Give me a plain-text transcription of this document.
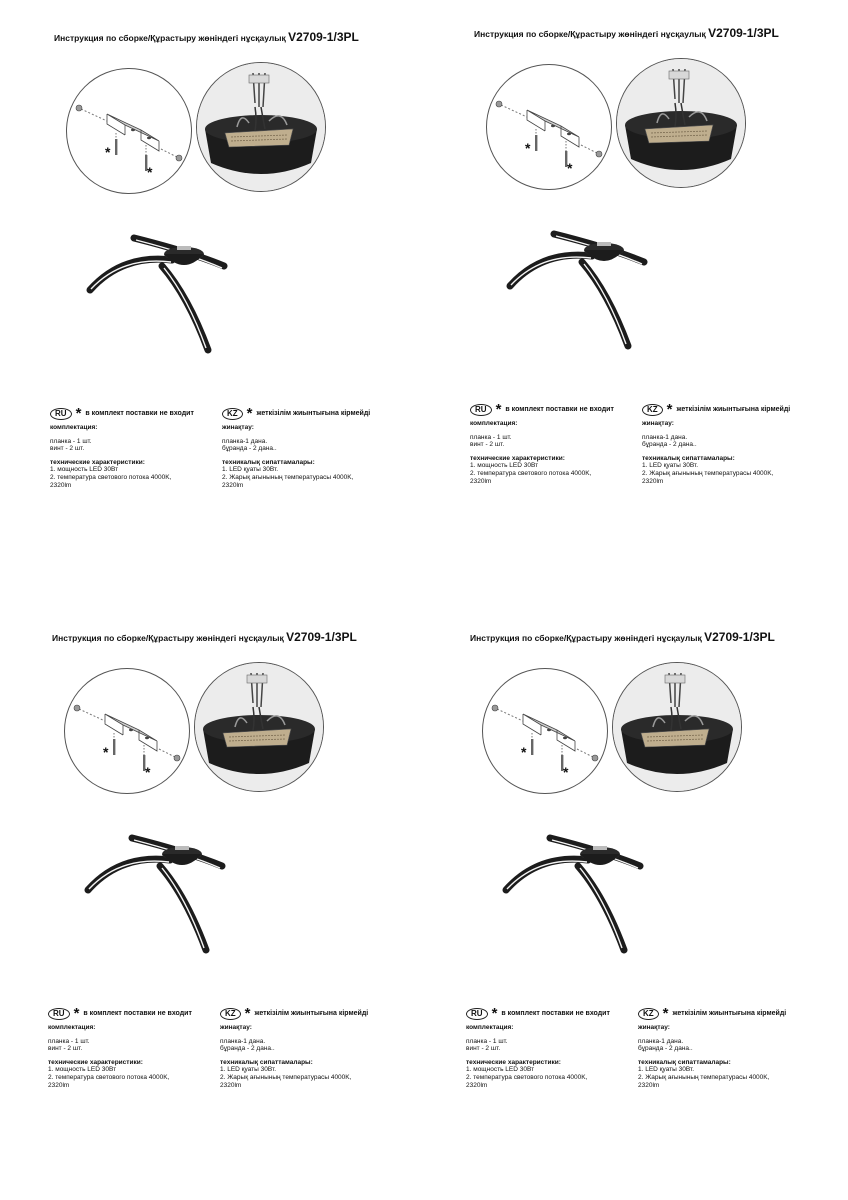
Инструкция по сборке/Құрастыру жөніндегі нұсқаулық V2709-1/3PL
*
*
RU * в комплект поставки не входит
комплектация:
планка - 1 шт.
винт - 2 шт.
технические характеристики:
1. мощность LED 30Вт
2. температура светового потока 4000K,
2320lm
KZ * жеткізілім жиынтығына кірмейді
жинақтау:
планка-1 дана.
бұранда - 2 дана..
техникалық сипаттамалары:
1. LED қуаты 30Вт.
2. Жарық ағынының температурасы 4000K,
2320lm
Инструкция по сборке/Құрастыру жөніндегі нұсқаулық V2709-1/3PL
*
*
RU * в комплект поставки не входит
комплектация:
планка - 1 шт.
винт - 2 шт.
технические характеристики:
1. мощность LED 30Вт
2. температура светового потока 4000K,
2320lm
KZ * жеткізілім жиынтығына кірмейді
жинақтау:
планка-1 дана.
бұранда - 2 дана..
техникалық сипаттамалары:
1. LED қуаты 30Вт.
2. Жарық ағынының температурасы 4000K,
2320lm
Инструкция по сборке/Құрастыру жөніндегі нұсқаулық V2709-1/3PL
*
*
RU * в комплект поставки не входит
комплектация:
планка - 1 шт.
винт - 2 шт.
технические характеристики:
1. мощность LED 30Вт
2. температура светового потока 4000K,
2320lm
KZ * жеткізілім жиынтығына кірмейді
жинақтау:
планка-1 дана.
бұранда - 2 дана..
техникалық сипаттамалары:
1. LED қуаты 30Вт.
2. Жарық ағынының температурасы 4000K,
2320lm
Инструкция по сборке/Құрастыру жөніндегі нұсқаулық V2709-1/3PL
*
*
RU * в комплект поставки не входит
комплектация:
планка - 1 шт.
винт - 2 шт.
технические характеристики:
1. мощность LED 30Вт
2. температура светового потока 4000K,
2320lm
KZ * жеткізілім жиынтығына кірмейді
жинақтау:
планка-1 дана.
бұранда - 2 дана..
техникалық сипаттамалары:
1. LED қуаты 30Вт.
2. Жарық ағынының температурасы 4000K,
2320lm
